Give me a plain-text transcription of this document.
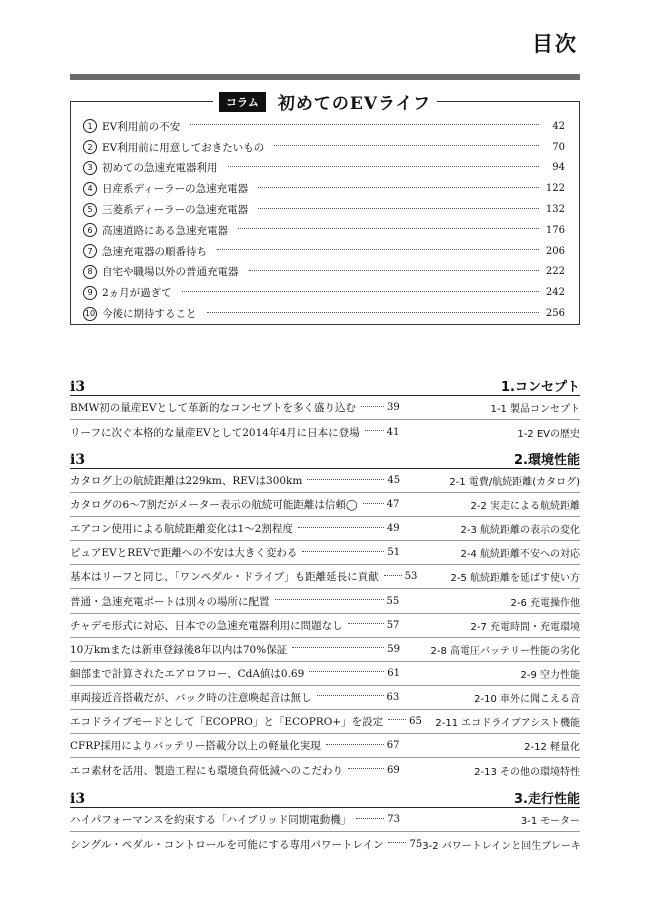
目次
コラム	初めてのEVライフ
1 EV利用前の不安	42
2 EV利用前に用意しておきたいもの	70
3 初めての急速充電器利用	94
4 日産系ディーラーの急速充電器	122
5 三菱系ディーラーの急速充電器	132
6 高速道路にある急速充電器	176
7 急速充電器の順番待ち	206
8 自宅や職場以外の普通充電器	222
9 2ヵ月が過ぎて	242
10 今後に期待すること	256
i3	1.コンセプト
BMW初の量産EVとして革新的なコンセプトを多く盛り込む	39	1-1 製品コンセプト
リーフに次ぐ本格的な量産EVとして2014年4月に日本に登場	41	1-2 EVの歴史
i3	2.環境性能
カタログ上の航続距離は229km、REVは300km	45	2-1 電費/航続距離(カタログ)
カタログの6〜7割だがメーター表示の航続可能距離は信頼◯	47	2-2 実走による航続距離
エアコン使用による航続距離変化は1〜2割程度	49	2-3 航続距離の表示の変化
ピュアEVとREVで距離への不安は大きく変わる	51	2-4 航続距離不安への対応
基本はリーフと同じ、「ワンペダル・ドライブ」も距離延長に貢献	53	2-5 航続距離を延ばす使い方
普通・急速充電ポートは別々の場所に配置	55	2-6 充電操作他
チャデモ形式に対応、日本での急速充電器利用に問題なし	57	2-7 充電時間・充電環境
10万kmまたは新車登録後8年以内は70%保証	59	2-8 高電圧バッテリー性能の劣化
細部まで計算されたエアロフロー、CdA値は0.69	61	2-9 空力性能
車両接近音搭載だが、バック時の注意喚起音は無し	63	2-10 車外に聞こえる音
エコドライブモードとして「ECOPRO」と「ECOPRO+」を設定	65 2-11 エコドライブアシスト機能
CFRP採用によりバッテリー搭載分以上の軽量化実現	67	2-12 軽量化
エコ素材を活用、製造工程にも環境負荷低減へのこだわり	69	2-13 その他の環境特性
i3	3.走行性能
ハイパフォーマンスを約束する「ハイブリッド同期電動機」	73	3-1 モーター
シングル・ペダル・コントロールを可能にする専用パワートレイン	75 3-2 パワートレインと回生ブレーキ
